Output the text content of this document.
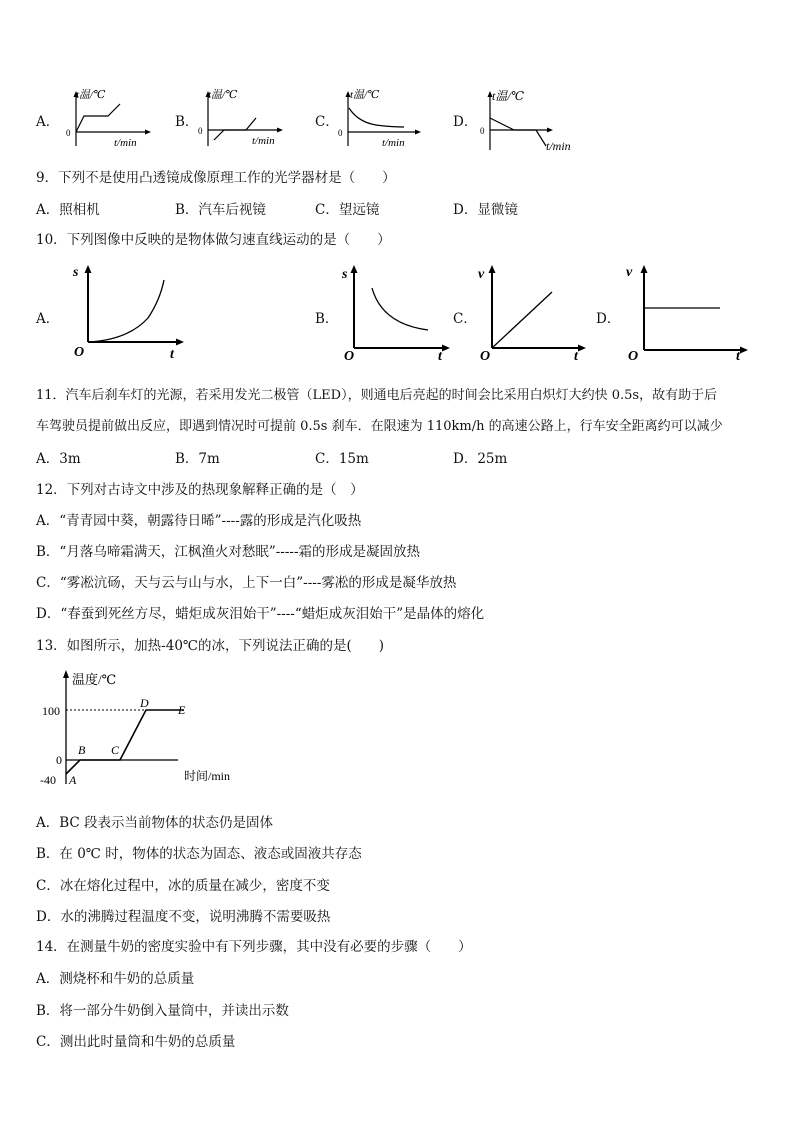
A．
t温/℃
0
t/min
B．
t温/℃
0
t/min
C．
t温/℃
0
t/min
D．
t温/℃
0
t/min
9．下列不是使用凸透镜成像原理工作的光学器材是（　　）
A．照相机	B．汽车后视镜	C．望远镜	D．显微镜
10．下列图像中反映的是物体做匀速直线运动的是（　　）
A．
s
O	t
B．
s
O	t
C．
v
O	t
D．
v
O	t
11．汽车后刹车灯的光源，若采用发光二极管（LED），则通电后亮起的时间会比采用白炽灯大约快 0.5s，故有助于后
车驾驶员提前做出反应，即遇到情况时可提前 0.5s 刹车．在限速为 110km/h 的高速公路上，行车安全距离约可以减少
A．3m	B．7m	C．15m	D．25m
12．下列对古诗文中涉及的热现象解释正确的是（　）
A．“青青园中葵，朝露待日晞”----露的形成是汽化吸热
B．“月落乌啼霜满天，江枫渔火对愁眠”-----霜的形成是凝固放热
C．“雾凇沆砀，天与云与山与水，上下一白”----雾凇的形成是凝华放热
D．“春蚕到死丝方尽，蜡炬成灰泪始干”----“蜡炬成灰泪始干”是晶体的熔化
13．如图所示，加热-40℃的冰，下列说法正确的是(　　)
温度/℃
100
0
-40 A
B C
D E
时间/min
A．BC 段表示当前物体的状态仍是固体
B．在 0℃ 时，物体的状态为固态、液态或固液共存态
C．冰在熔化过程中，冰的质量在减少，密度不变
D．水的沸腾过程温度不变，说明沸腾不需要吸热
14．在测量牛奶的密度实验中有下列步骤，其中没有必要的步骤（　　）
A．测烧杯和牛奶的总质量
B．将一部分牛奶倒入量筒中，并读出示数
C．测出此时量筒和牛奶的总质量
